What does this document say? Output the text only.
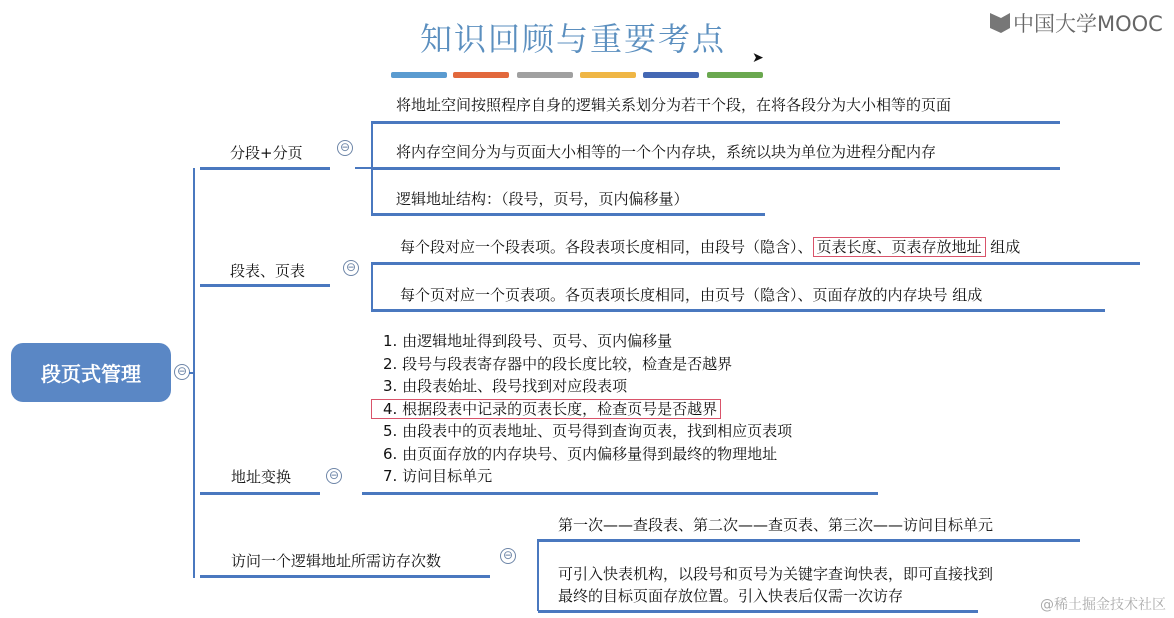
知识回顾与重要考点 ➤
中国大学MOOC
段页式管理	⊖
分段+分页	⊖
将地址空间按照程序自身的逻辑关系划分为若干个段，在将各段分为大小相等的页面
将内存空间分为与页面大小相等的一个个内存块，系统以块为单位为进程分配内存
逻辑地址结构：（段号，页号，页内偏移量）
段表、页表	⊖
每个段对应一个段表项。各段表项长度相同，由段号（隐含）、 页表长度、页表存放地址 组成
每个页对应一个页表项。各页表项长度相同，由页号（隐含）、页面存放的内存块号 组成
地址变换	⊖
1. 由逻辑地址得到段号、页号、页内偏移量
2. 段号与段表寄存器中的段长度比较，检查是否越界
3. 由段表始址、段号找到对应段表项
4. 根据段表中记录的页表长度，检查页号是否越界
5. 由段表中的页表地址、页号得到查询页表，找到相应页表项
6. 由页面存放的内存块号、页内偏移量得到最终的物理地址
7. 访问目标单元
访问一个逻辑地址所需访存次数	⊖
第一次——查段表、第二次——查页表、第三次——访问目标单元
可引入快表机构，以段号和页号为关键字查询快表，即可直接找到
最终的目标页面存放位置。引入快表后仅需一次访存	@稀土掘金技术社区
